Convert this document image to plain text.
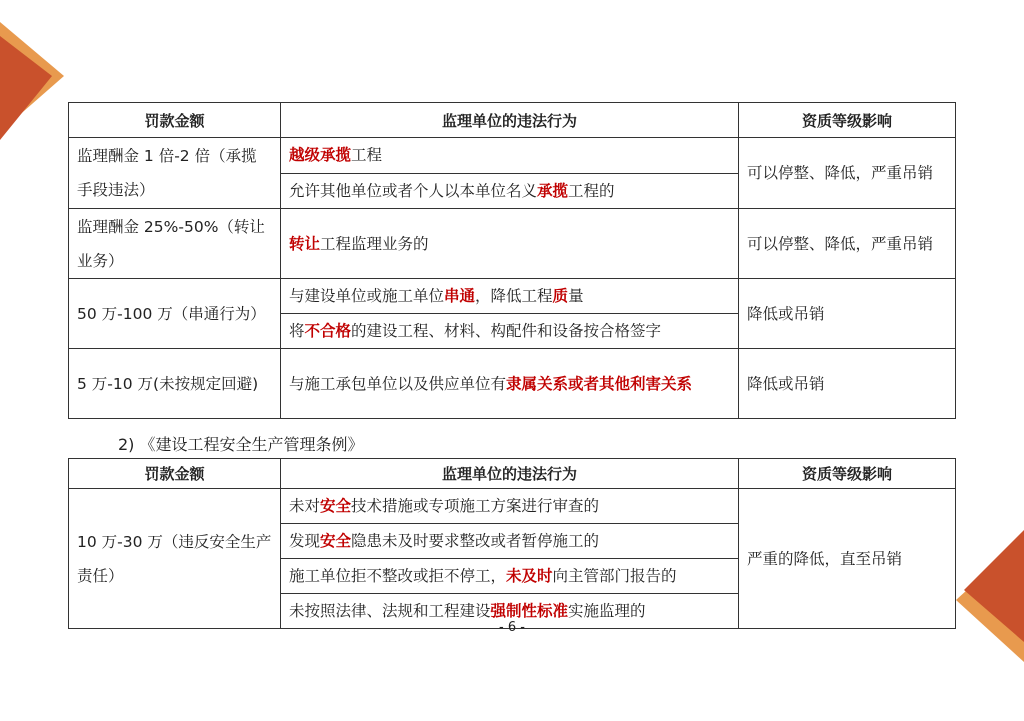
罚款金额	监理单位的违法行为	资质等级影响
监理酬金 1 倍-2 倍（承揽手段违法）	越级承揽工程	可以停整、降低，严重吊销
	允许其他单位或者个人以本单位名义承揽工程的	
监理酬金 25%-50%（转让业务）	转让工程监理业务的	可以停整、降低，严重吊销
50 万-100 万（串通行为）	与建设单位或施工单位串通，降低工程质量	降低或吊销
	将不合格的建设工程、材料、构配件和设备按合格签字	
5 万-10 万(未按规定回避)	与施工承包单位以及供应单位有隶属关系或者其他利害关系	降低或吊销
2) 《建设工程安全生产管理条例》
罚款金额	监理单位的违法行为	资质等级影响
10 万-30 万（违反安全生产责任）	未对安全技术措施或专项施工方案进行审查的	严重的降低，直至吊销
	发现安全隐患未及时要求整改或者暂停施工的	
	施工单位拒不整改或拒不停工，未及时向主管部门报告的	
	未按照法律、法规和工程建设强制性标准实施监理的	
- 6 -
